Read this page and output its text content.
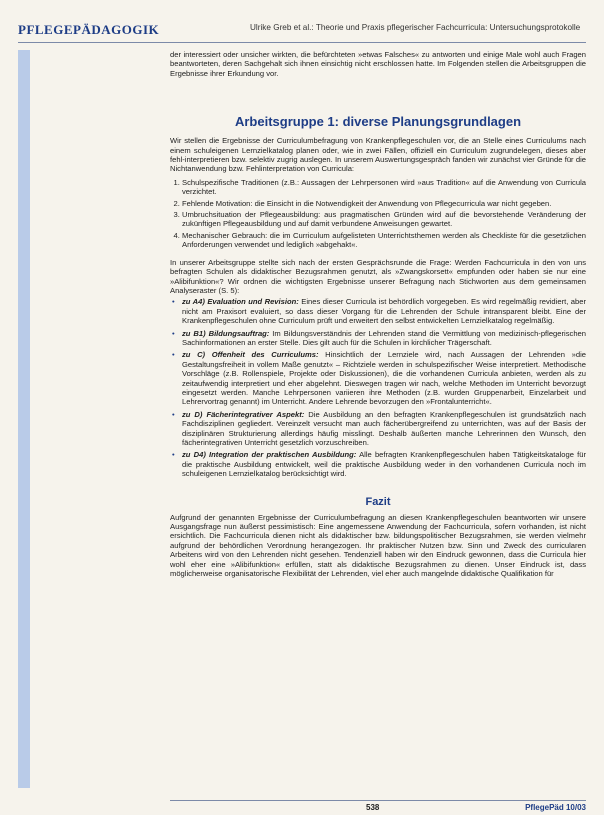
PFLEGEPÄDAGOGIK	Ulrike Greb et al.: Theorie und Praxis pflegerischer Fachcurricula: Untersuchungsprotokolle

der interessiert oder unsicher wirkten, die befürchteten »etwas Falsches« zu antworten und einige Male wohl auch Fragen beantworteten, deren Sachgehalt sich ihnen einsichtig nicht erschlossen hatte. Im Folgenden stellen die Arbeitsgruppen die Ergebnisse ihrer Erkundung vor.

Arbeitsgruppe 1: diverse Planungsgrundlagen

Wir stellen die Ergebnisse der Curriculumbefragung von Krankenpflegeschulen vor, die an Stelle eines Curriculums nach einem schuleigenen Lernzielkatalog planen oder, wie in zwei Fällen, offiziell ein Curriculum zugrundelegen, dieses aber fehl-interpretieren bzw. selektiv zugrig auslegen. In unserem Auswertungsgespräch fanden wir zunächst vier Gründe für die Nichtanwendung bzw. Fehlinterpretation von Curricula:

1. Schulspezifische Traditionen (z.B.: Aussagen der Lehrpersonen wird »aus Tradition« auf die Anwendung von Curricula verzichtet.
2. Fehlende Motivation: die Einsicht in die Notwendigkeit der Anwendung von Pflegecurricula war nicht gegeben.
3. Umbruchsituation der Pflegeausbildung: aus pragmatischen Gründen wird auf die bevorstehende Veränderung der zukünftigen Pflegeausbildung und auf damit verbundene Anweisungen gewartet.
4. Mechanischer Gebrauch: die im Curriculum aufgelisteten Unterrichtsthemen werden als Checkliste für die gesetzlichen Anforderungen verwendet und lediglich »abgehakt«.

In unserer Arbeitsgruppe stellte sich nach der ersten Gesprächsrunde die Frage: Werden Fachcurricula in den von uns befragten Schulen als didaktischer Bezugsrahmen genutzt, als »Zwangskorsett« empfunden oder haben sie nur eine »Alibifunktion«? Wir ordnen die wichtigsten Ergebnisse unserer Befragung nach Stichworten aus dem gemeinsamen Analyseraster (S. 5):

• zu A4) Evaluation und Revision: Eines dieser Curricula ist behördlich vorgegeben. Es wird regelmäßig revidiert, aber nicht am Praxisort evaluiert, so dass dieser Vorgang für die Lehrenden der Schule intransparent bleibt. Eine der Krankenpflegeschulen ohne Curriculum prüft und erweitert den selbst entwickelten Lernzielkatalog regelmäßig.
• zu B1) Bildungsauftrag: Im Bildungsverständnis der Lehrenden stand die Vermittlung von medizinisch-pflegerischen Sachinformationen an erster Stelle. Dies gilt auch für die Schulen in kirchlicher Trägerschaft.
• zu C) Offenheit des Curriculums: Hinsichtlich der Lernziele wird, nach Aussagen der Lehrenden »die Gestaltungsfreiheit in vollem Maße genutzt« – Richtziele werden in schulspezifischer Weise interpretiert. Methodische Vorschläge (z.B. Rollenspiele, Projekte oder Diskussionen), die die vorhandenen Curricula anbieten, werden als zu zeitaufwendig interpretiert und eher abgelehnt. Dieswegen tragen wir nach, welche Methoden im Unterricht bevorzugt eingesetzt werden. Manche Lehrpersonen variieren ihre Methoden (z.B. wurden Gruppenarbeit, Einzelarbeit und Lehrervortrag genannt) im Unterricht. Andere Lehrende bevorzugen den »Frontalunterricht«.
• zu D) Fächerintegrativer Aspekt: Die Ausbildung an den befragten Krankenpflegeschulen ist grundsätzlich nach Fachdisziplinen gegliedert. Vereinzelt versucht man auch fächerübergreifend zu unterrichten, was auf der Basis der disziplinären Strukturierung allerdings häufig misslingt. Deshalb äußerten manche Lehrerinnen den Wunsch, den fächerintegrativen Unterricht gesetzlich vorzuschreiben.
• zu D4) Integration der praktischen Ausbildung: Alle befragten Krankenpflegeschulen haben Tätigkeitskataloge für die praktische Ausbildung entwickelt, weil die praktische Ausbildung weder in den vorhandenen Curricula noch im schuleigenen Lernzielkatalog berücksichtigt wird.
Fazit

Aufgrund der genannten Ergebnisse der Curriculumbefragung an diesen Krankenpflegeschulen beantworten wir unsere Ausgangsfrage nun äußerst pessimistisch: Eine angemessene Anwendung der Fachcurricula, sofern vorhanden, ist nicht ersichtlich. Die Fachcurricula dienen nicht als didaktischer bzw. bildungspolitischer Bezugsrahmen, sie werden vielmehr aufgrund der behördlichen Verordnung herangezogen. Ihr praktischer Nutzen bzw. Sinn und Zweck des curricularen Arbeitens wird von den Lehrenden nicht gesehen. Tendenziell haben wir den Eindruck gewonnen, dass die Curricula hier wohl eher eine »Alibifunktion« erfüllen, statt als didaktische Bezugsrahmen zu dienen. Unser Eindruck ist, dass möglicherweise organisatorische Flexibilität der Lehrenden, viel eher auch mangelnde didaktische Qualifikation für

538	PflegePäd 10/03
